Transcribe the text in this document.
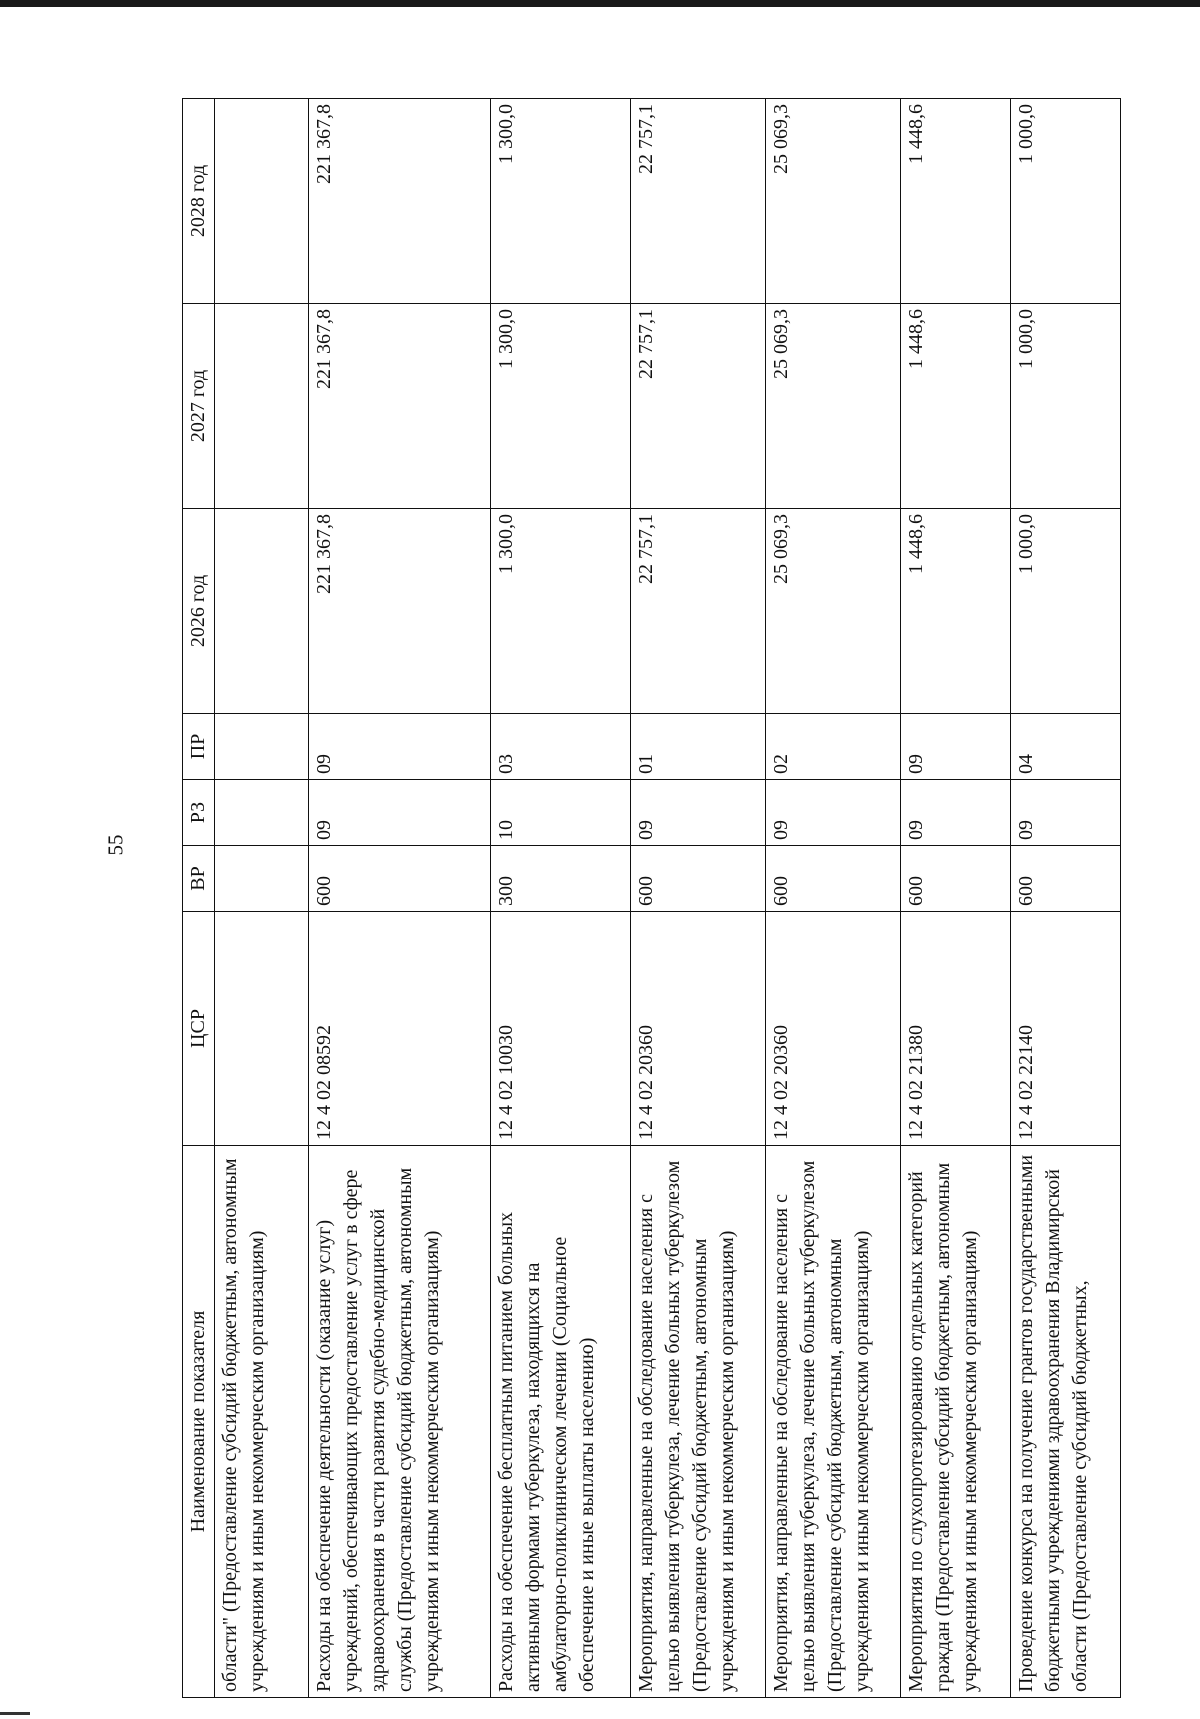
55
Наименование показателя	ЦСР	ВР	РЗ	ПР	2026 год	2027 год	2028 год
области" (Предоставление субсидий бюджетным, автономным учреждениям и иным некоммерческим организациям)							
Расходы на обеспечение деятельности (оказание услуг) учреждений, обеспечивающих предоставление услуг в сфере здравоохранения в части развития судебно-медицинской службы (Предоставление субсидий бюджетным, автономным учреждениям и иным некоммерческим организациям)	12 4 02 08592	600	09	09	221 367,8	221 367,8	221 367,8
Расходы на обеспечение бесплатным питанием больных активными формами туберкулеза, находящихся на амбулаторно-поликлиническом лечении (Социальное обеспечение и иные выплаты населению)	12 4 02 10030	300	10	03	1 300,0	1 300,0	1 300,0
Мероприятия, направленные на обследование населения с целью выявления туберкулеза, лечение больных туберкулезом (Предоставление субсидий бюджетным, автономным учреждениям и иным некоммерческим организациям)	12 4 02 20360	600	09	01	22 757,1	22 757,1	22 757,1
Мероприятия, направленные на обследование населения с целью выявления туберкулеза, лечение больных туберкулезом (Предоставление субсидий бюджетным, автономным учреждениям и иным некоммерческим организациям)	12 4 02 20360	600	09	02	25 069,3	25 069,3	25 069,3
Мероприятия по слухопротезированию отдельных категорий граждан (Предоставление субсидий бюджетным, автономным учреждениям и иным некоммерческим организациям)	12 4 02 21380	600	09	09	1 448,6	1 448,6	1 448,6
Проведение конкурса на получение грантов государственными бюджетными учреждениями здравоохранения Владимирской области (Предоставление субсидий бюджетных,	12 4 02 22140	600	09	04	1 000,0	1 000,0	1 000,0
